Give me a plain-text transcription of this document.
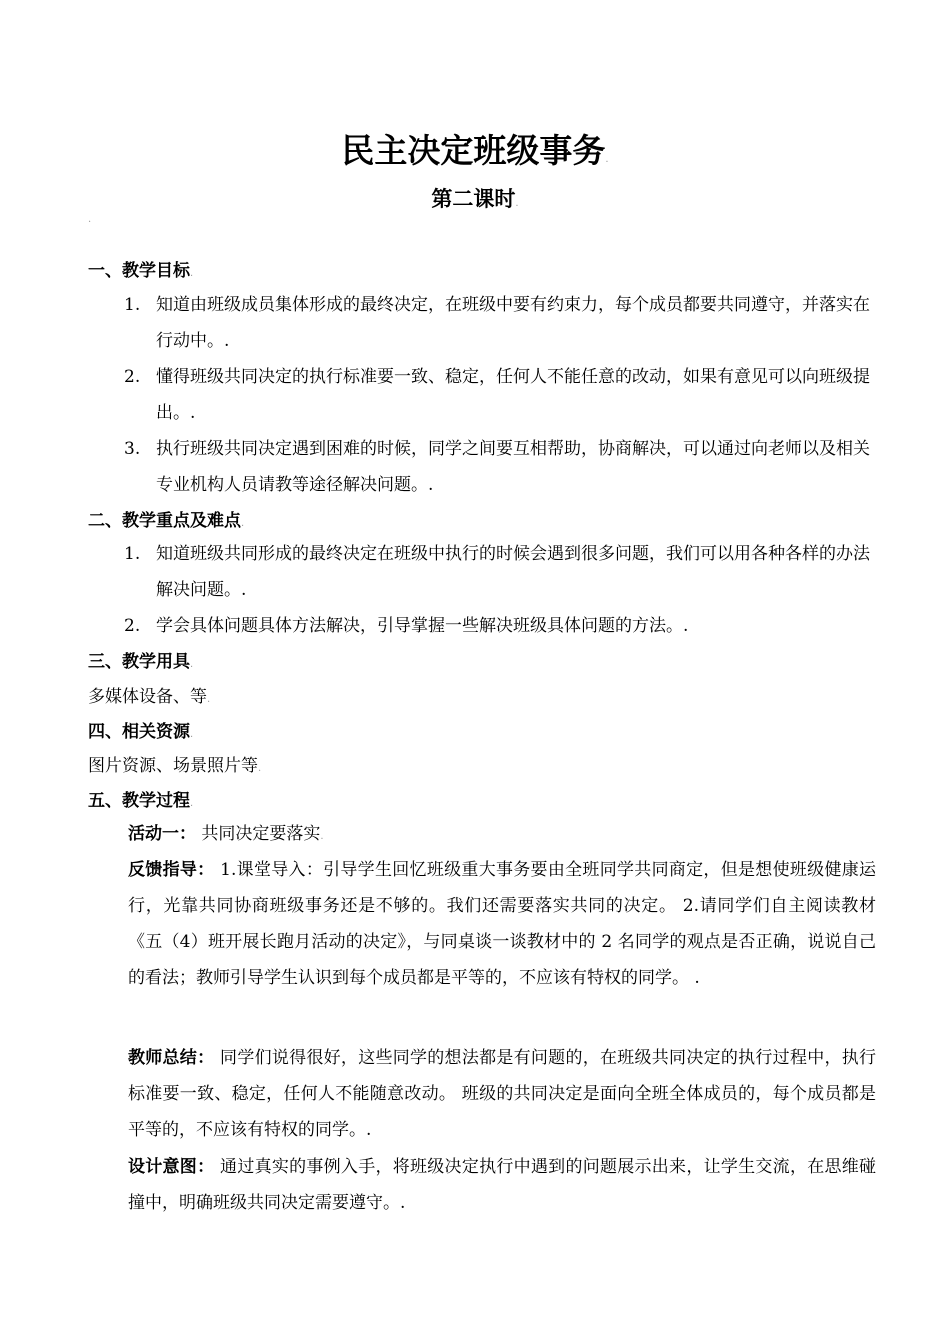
民主决定班级事务.
第二课时.
.
一、教学目标.
1. 知道由班级成员集体形成的最终决定，在班级中要有约束力，每个成员都要共同遵守，并落实在行动中。.
2. 懂得班级共同决定的执行标准要一致、稳定，任何人不能任意的改动，如果有意见可以向班级提出。.
3. 执行班级共同决定遇到困难的时候，同学之间要互相帮助，协商解决，可以通过向老师以及相关专业机构人员请教等途径解决问题。.
二、教学重点及难点.
1. 知道班级共同形成的最终决定在班级中执行的时候会遇到很多问题，我们可以用各种各样的办法解决问题。.
2. 学会具体问题具体方法解决，引导掌握一些解决班级具体问题的方法。.
三、教学用具.
多媒体设备、等.
四、相关资源.
图片资源、场景照片等.
五、教学过程.
活动一： 共同决定要落实.
反馈指导： 1.课堂导入：引导学生回忆班级重大事务要由全班同学共同商定，但是想使班级健康运行，光靠共同协商班级事务还是不够的。我们还需要落实共同的决定。 2.请同学们自主阅读教材《五（4）班开展长跑月活动的决定》，与同桌谈一谈教材中的 2 名同学的观点是否正确，说说自己的看法；教师引导学生认识到每个成员都是平等的，不应该有特权的同学。 .
教师总结： 同学们说得很好，这些同学的想法都是有问题的，在班级共同决定的执行过程中，执行标准要一致、稳定，任何人不能随意改动。 班级的共同决定是面向全班全体成员的，每个成员都是平等的，不应该有特权的同学。.
设计意图： 通过真实的事例入手，将班级决定执行中遇到的问题展示出来，让学生交流，在思维碰撞中，明确班级共同决定需要遵守。.
